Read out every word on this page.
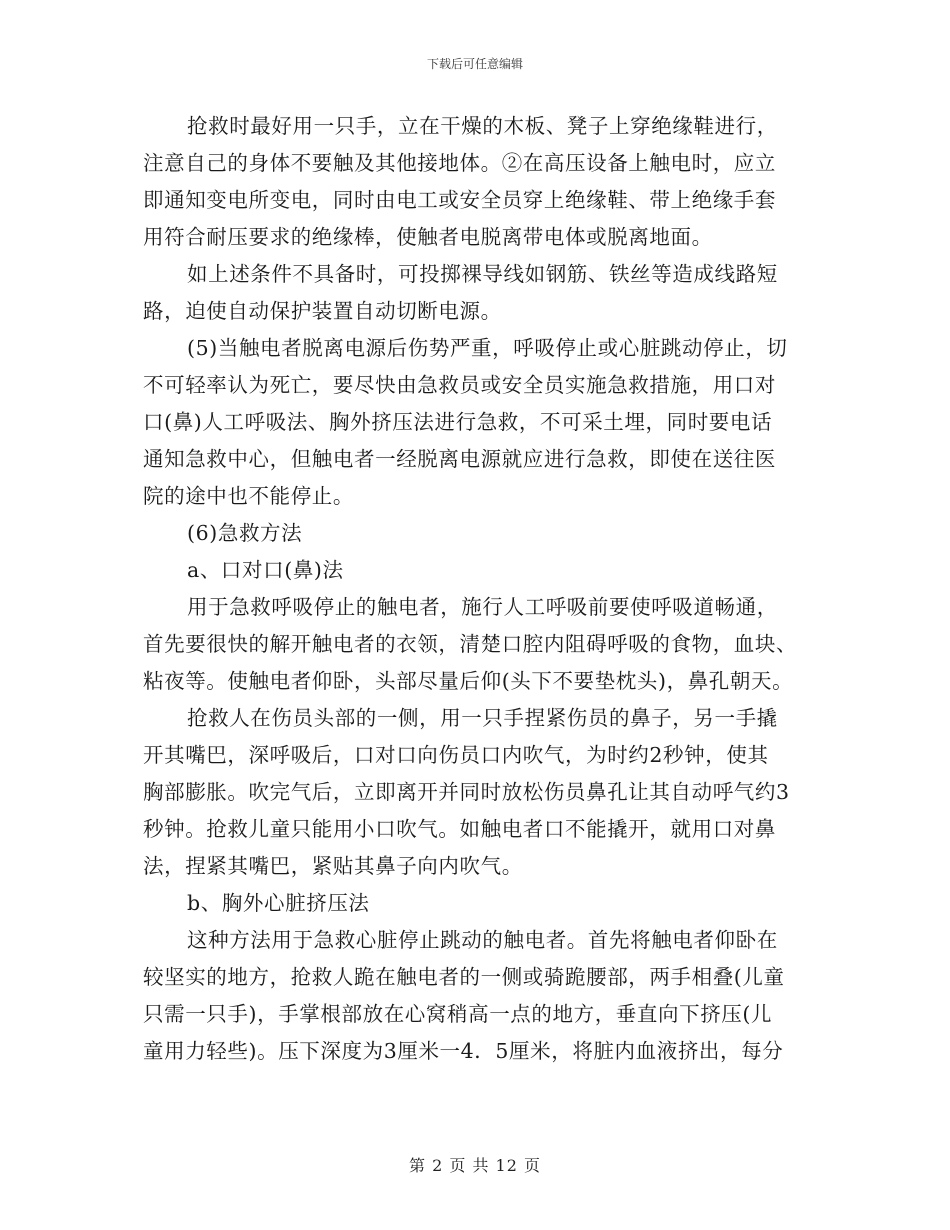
下载后可任意编辑
抢救时最好用一只手，立在干燥的木板、凳子上穿绝缘鞋进行，
注意自己的身体不要触及其他接地体。②在高压设备上触电时，应立
即通知变电所变电，同时由电工或安全员穿上绝缘鞋、带上绝缘手套
用符合耐压要求的绝缘棒，使触者电脱离带电体或脱离地面。
如上述条件不具备时，可投掷裸导线如钢筋、铁丝等造成线路短
路，迫使自动保护装置自动切断电源。
(5)当触电者脱离电源后伤势严重，呼吸停止或心脏跳动停止，切
不可轻率认为死亡，要尽快由急救员或安全员实施急救措施，用口对
口(鼻)人工呼吸法、胸外挤压法进行急救，不可采土埋，同时要电话
通知急救中心，但触电者一经脱离电源就应进行急救，即使在送往医
院的途中也不能停止。
(6)急救方法
a、口对口(鼻)法
用于急救呼吸停止的触电者，施行人工呼吸前要使呼吸道畅通，
首先要很快的解开触电者的衣领，清楚口腔内阻碍呼吸的食物，血块、
粘夜等。使触电者仰卧，头部尽量后仰(头下不要垫枕头)，鼻孔朝天。
抢救人在伤员头部的一侧，用一只手捏紧伤员的鼻子，另一手撬
开其嘴巴，深呼吸后，口对口向伤员口内吹气，为时约2秒钟，使其
胸部膨胀。吹完气后，立即离开并同时放松伤员鼻孔让其自动呼气约3
秒钟。抢救儿童只能用小口吹气。如触电者口不能撬开，就用口对鼻
法，捏紧其嘴巴，紧贴其鼻子向内吹气。
b、胸外心脏挤压法
这种方法用于急救心脏停止跳动的触电者。首先将触电者仰卧在
较坚实的地方，抢救人跪在触电者的一侧或骑跪腰部，两手相叠(儿童
只需一只手)，手掌根部放在心窝稍高一点的地方，垂直向下挤压(儿
童用力轻些)。压下深度为3厘米一4．5厘米，将脏内血液挤出，每分
第 2 页 共 12 页
